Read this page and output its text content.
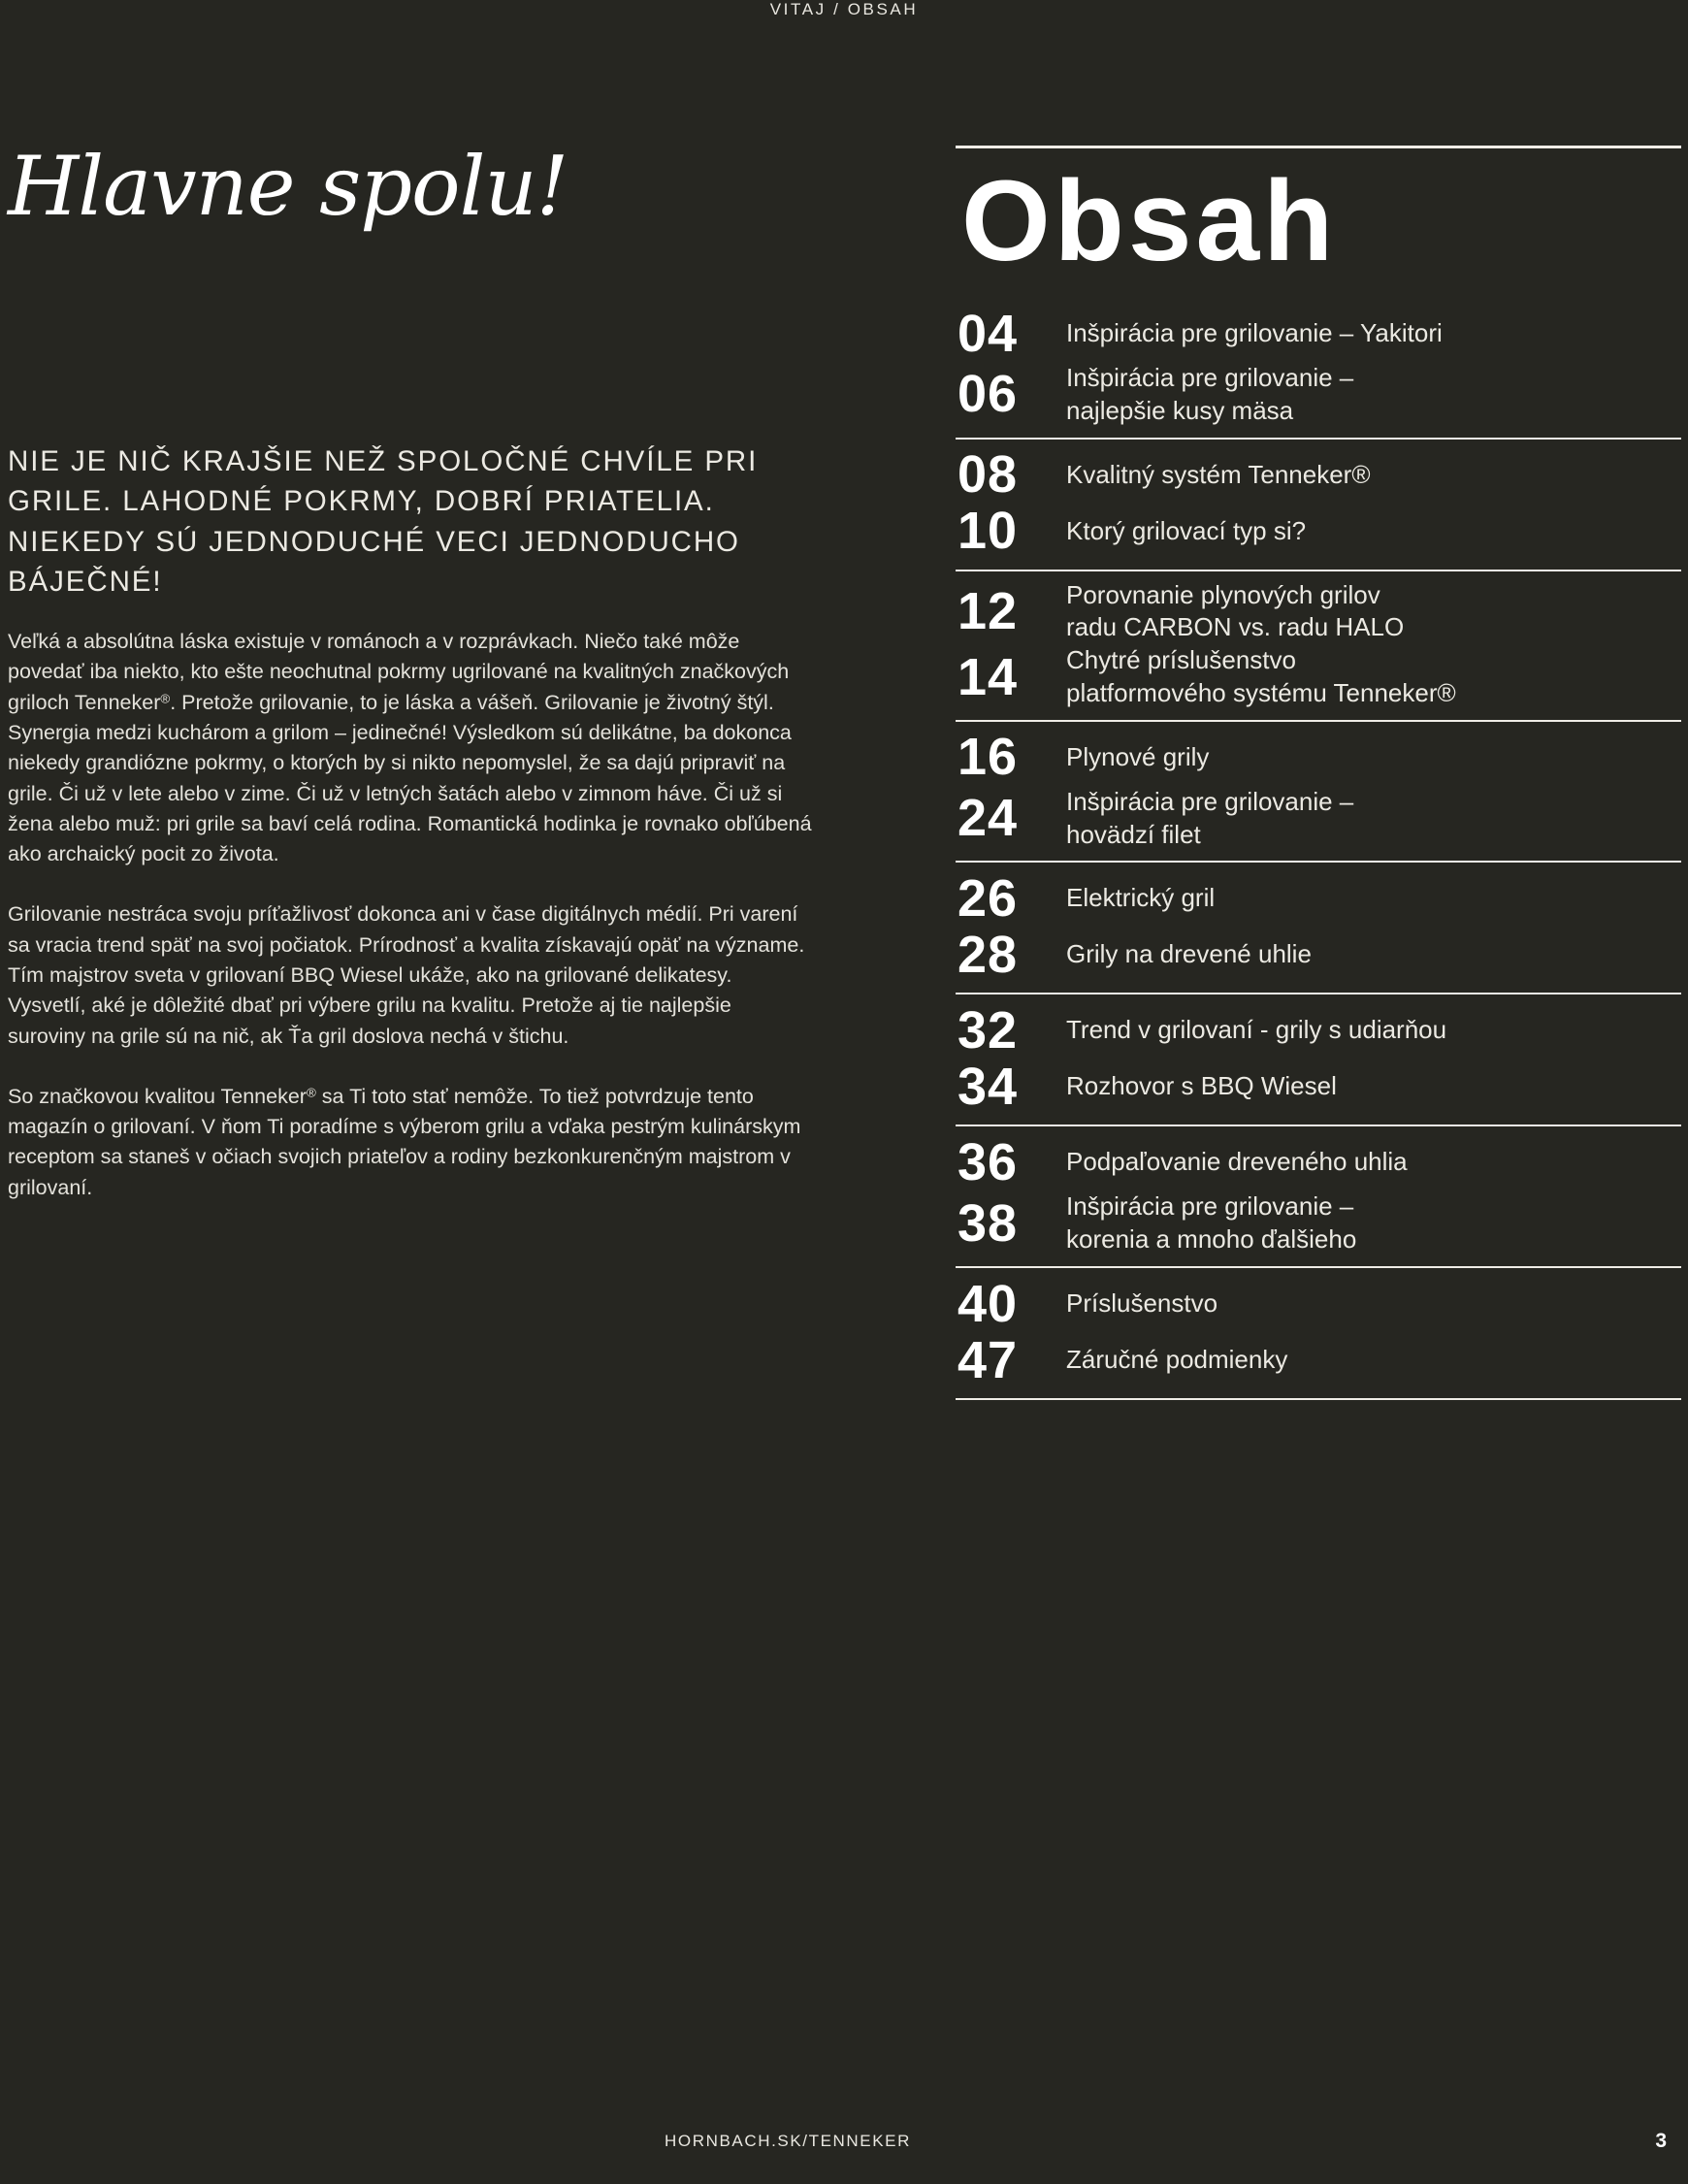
VITAJ / OBSAH
Hlavne spolu!
NIE JE NIČ KRAJŠIE NEŽ SPOLOČNÉ CHVÍLE PRI GRILE. LAHODNÉ POKRMY, DOBRÍ PRIATELIA. NIEKEDY SÚ JEDNODUCHÉ VECI JEDNODUCHO BÁJEČNÉ!

Veľká a absolútna láska existuje v románoch a v rozprávkach. Niečo také môže povedať iba niekto, kto ešte neochutnal pokrmy ugrilované na kvalitných značkových griloch Tenneker®. Pretože grilovanie, to je láska a vášeň. Grilovanie je životný štýl. Synergia medzi kuchárom a grilom – jedinečné! Výsledkom sú delikátne, ba dokonca niekedy grandiózne pokrmy, o ktorých by si nikto nepomyslel, že sa dajú pripraviť na grile. Či už v lete alebo v zime. Či už v letných šatách alebo v zimnom háve. Či už si žena alebo muž: pri grile sa baví celá rodina. Romantická hodinka je rovnako obľúbená ako archaický pocit zo života.

Grilovanie nestráca svoju príťažlivosť dokonca ani v čase digitálnych médií. Pri varení sa vracia trend späť na svoj počiatok. Prírodnosť a kvalita získavajú opäť na význame. Tím majstrov sveta v grilovaní BBQ Wiesel ukáže, ako na grilované delikatesy. Vysvetlí, aké je dôležité dbať pri výbere grilu na kvalitu. Pretože aj tie najlepšie suroviny na grile sú na nič, ak Ťa gril doslova nechá v štichu.

So značkovou kvalitou Tenneker® sa Ti toto stať nemôže. To tiež potvrdzuje tento magazín o grilovaní. V ňom Ti poradíme s výberom grilu a vďaka pestrým kulinárskym receptom sa staneš v očiach svojich priateľov a rodiny bezkonkurenčným majstrom v grilovaní.

Obsah
04	Inšpirácia pre grilovanie – Yakitori
06	Inšpirácia pre grilovanie –
najlepšie kusy mäsa
08	Kvalitný systém Tenneker®
10	Ktorý grilovací typ si?
12	Porovnanie plynových grilov
radu CARBON vs. radu HALO
14	Chytré príslušenstvo
platformového systému Tenneker®
16	Plynové grily
24	Inšpirácia pre grilovanie –
hovädzí filet
26	Elektrický gril
28	Grily na drevené uhlie
32	Trend v grilovaní - grily s udiarňou
34	Rozhovor s BBQ Wiesel
36	Podpaľovanie dreveného uhlia
38	Inšpirácia pre grilovanie –
korenia a mnoho ďalšieho
40	Príslušenstvo
47	Záručné podmienky
HORNBACH.SK/TENNEKER	3
